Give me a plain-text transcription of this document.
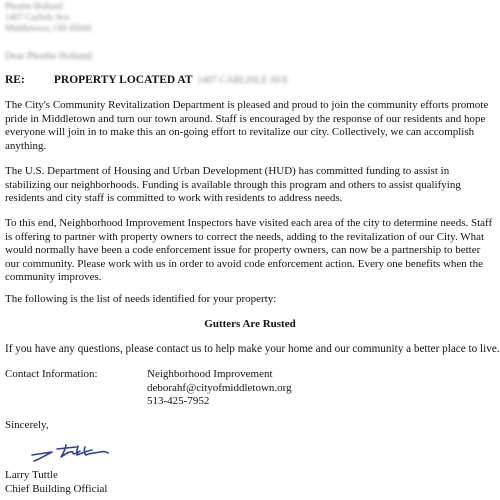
Phoebe Holland
1407 Carlisle Ave
Middletown, OH 45044
Dear Phoebe Holland:
RE:	PROPERTY LOCATED AT 1407 CARLISLE AVE

The City's Community Revitalization Department is pleased and proud to join the community efforts promote pride in Middletown and turn our town around. Staff is encouraged by the response of our residents and hope everyone will join in to make this an on-going effort to revitalize our city. Collectively, we can accomplish anything.

The U.S. Department of Housing and Urban Development (HUD) has committed funding to assist in stabilizing our neighborhoods. Funding is available through this program and others to assist qualifying residents and city staff is committed to work with residents to address needs.

To this end, Neighborhood Improvement Inspectors have visited each area of the city to determine needs. Staff is offering to partner with property owners to correct the needs, adding to the revitalization of our City. What would normally have been a code enforcement issue for property owners, can now be a partnership to better our community. Please work with us in order to avoid code enforcement action. Every one benefits when the community improves.

The following is the list of needs identified for your property:

Gutters Are Rusted

If you have any questions, please contact us to help make your home and our community a better place to live.

Contact Information:	Neighborhood Improvement
deborahf@cityofmiddletown.org
513-425-7952
Sincerely,
Larry Tuttle
Chief Building Official
